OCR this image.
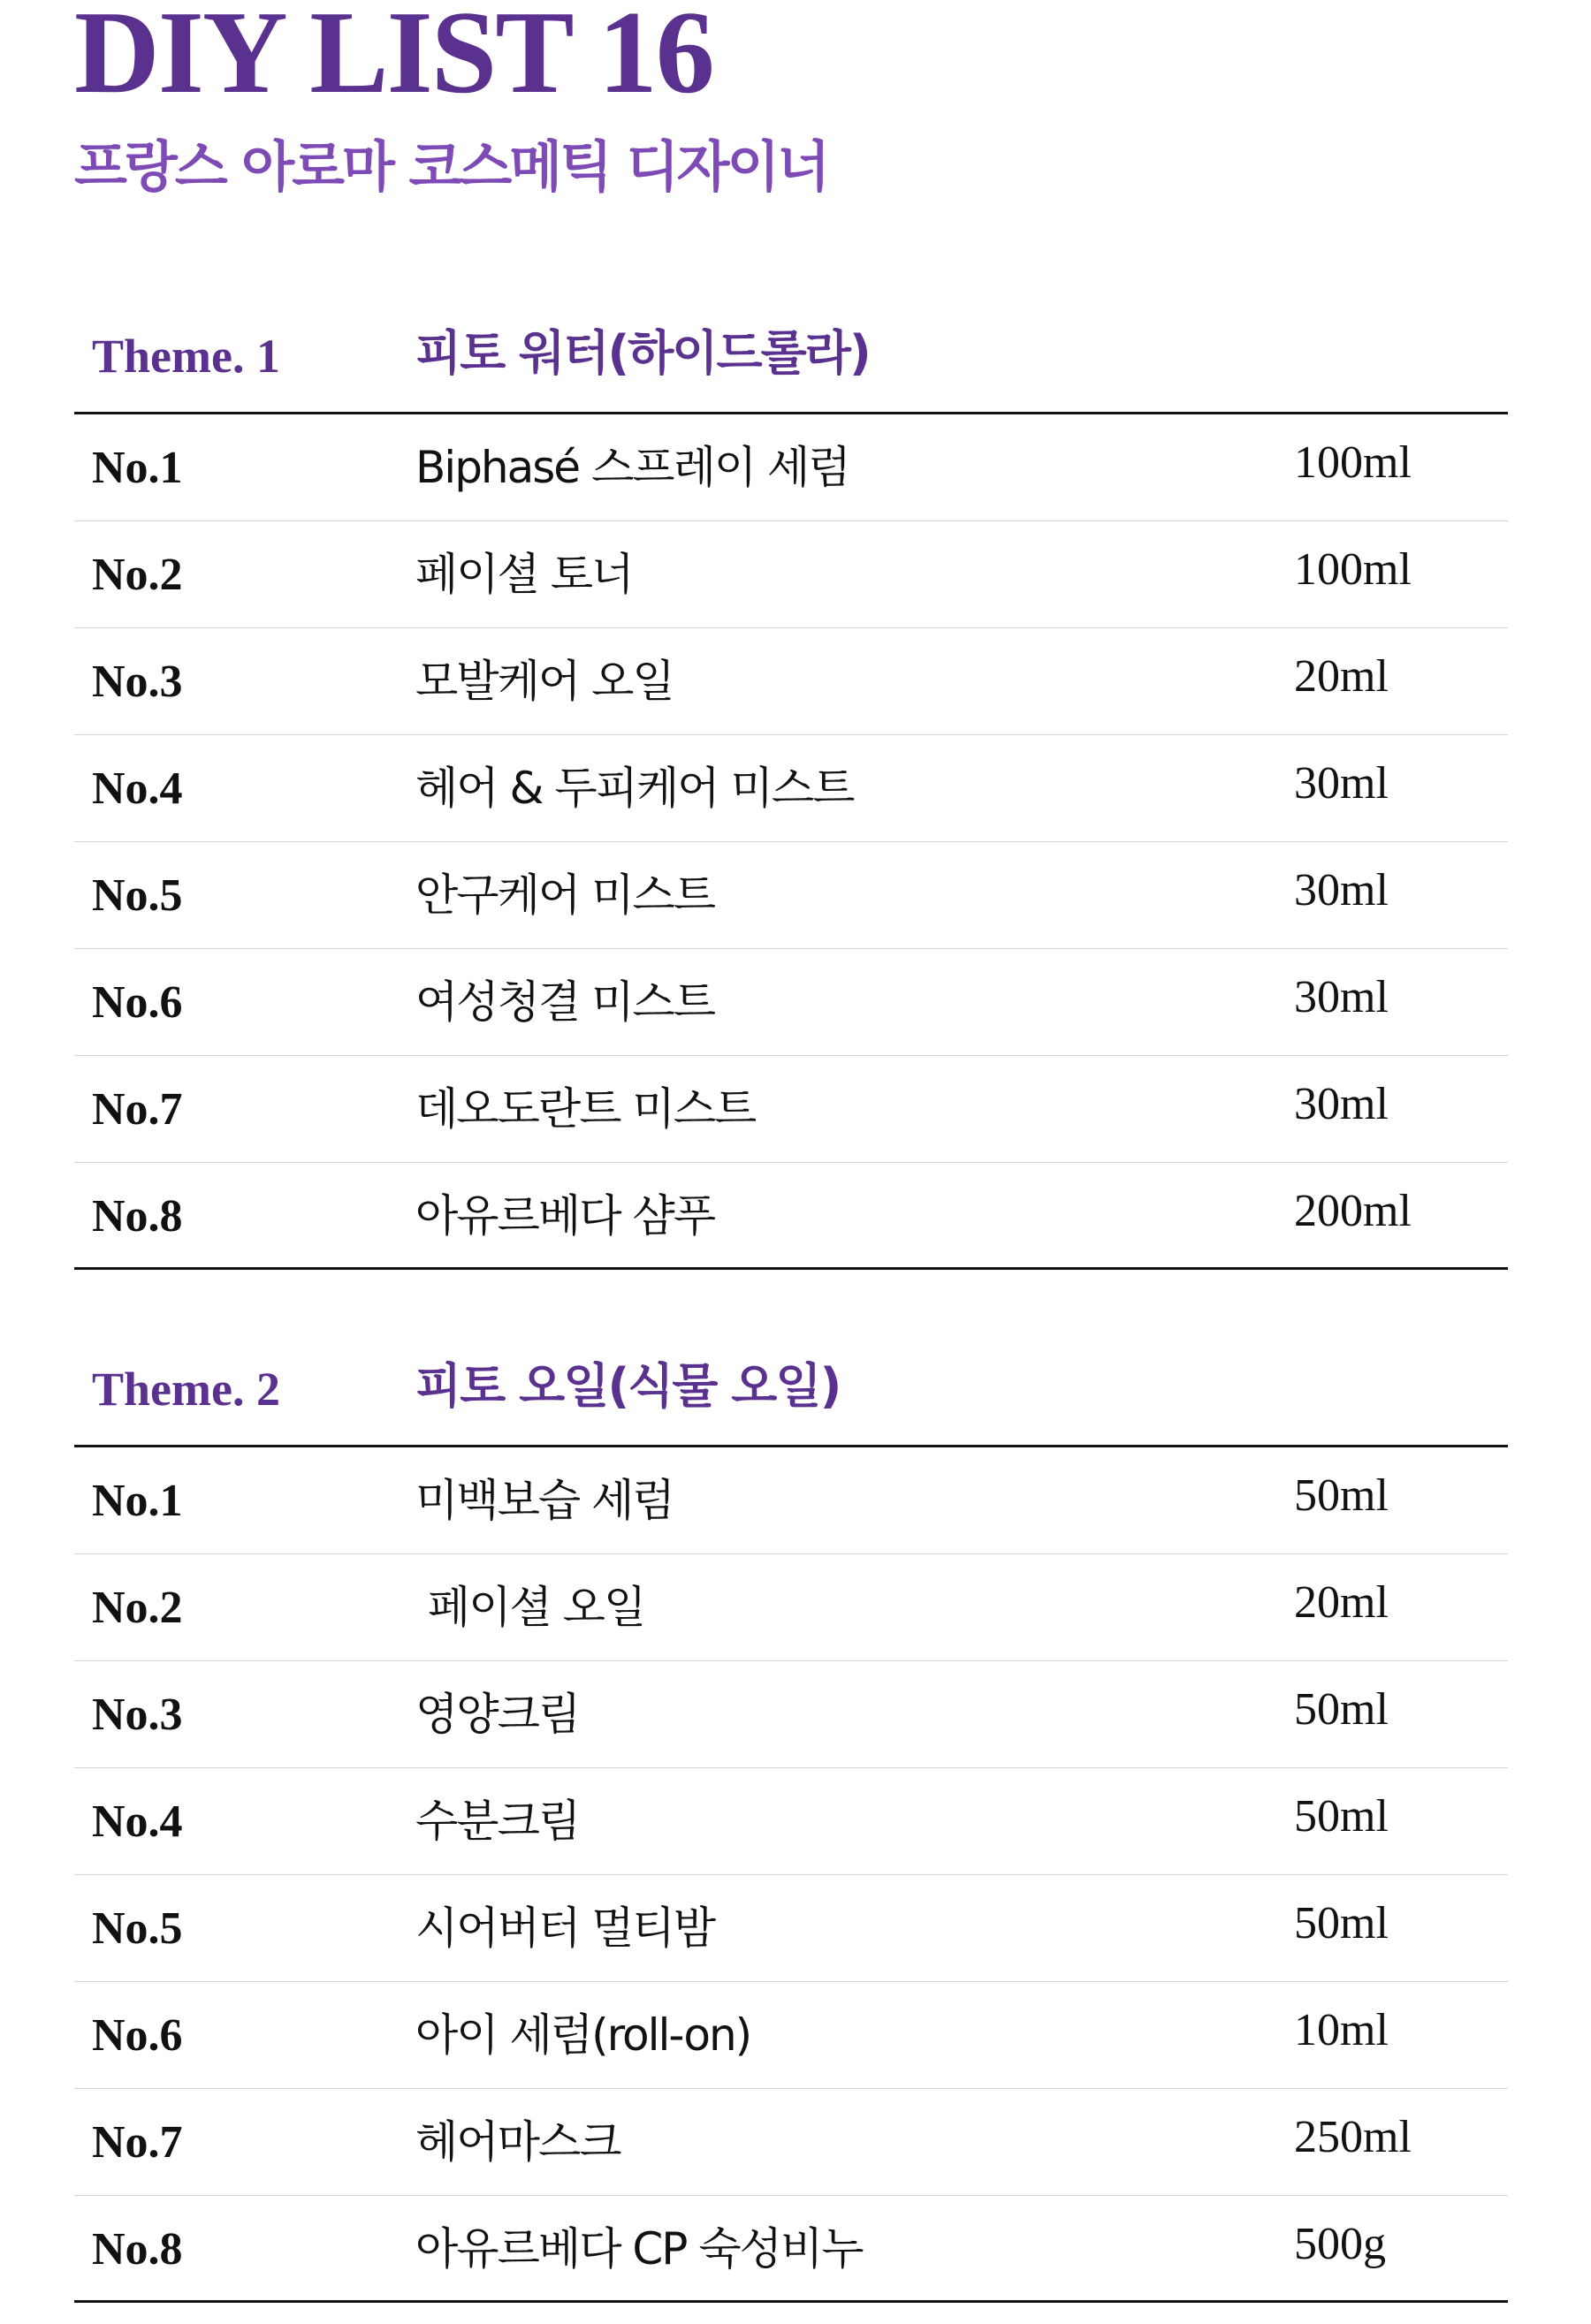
DIY LIST 16
프랑스 아로마 코스메틱 디자이너
Theme. 1	피토 워터(하이드롤라)
No.1	Biphasé 스프레이 세럼	100ml
No.2	페이셜 토너	100ml
No.3	모발케어 오일	20ml
No.4	헤어 & 두피케어 미스트	30ml
No.5	안구케어 미스트	30ml
No.6	여성청결 미스트	30ml
No.7	데오도란트 미스트	30ml
No.8	아유르베다 샴푸	200ml
Theme. 2	피토 오일(식물 오일)
No.1	미백보습 세럼	50ml
No.2	페이셜 오일	20ml
No.3	영양크림	50ml
No.4	수분크림	50ml
No.5	시어버터 멀티밤	50ml
No.6	아이 세럼(roll-on)	10ml
No.7	헤어마스크	250ml
No.8	아유르베다 CP 숙성비누	500g
